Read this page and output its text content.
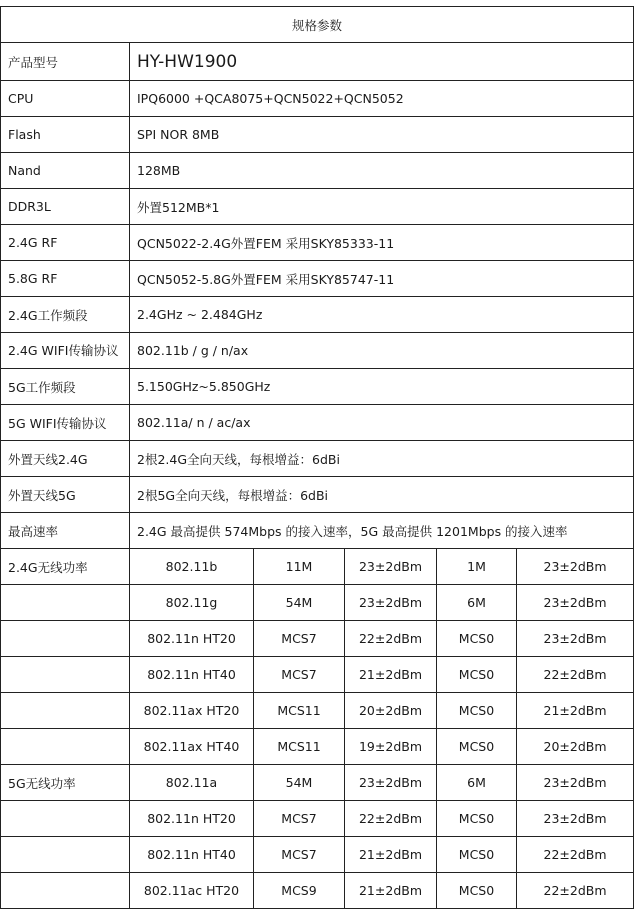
规格参数					
产品型号	HY-HW1900				
CPU	IPQ6000 +QCA8075+QCN5022+QCN5052				
Flash	SPI NOR 8MB				
Nand	128MB				
DDR3L	外置512MB*1				
2.4G RF	QCN5022-2.4G外置FEM 采用SKY85333-11				
5.8G RF	QCN5052-5.8G外置FEM 采用SKY85747-11				
2.4G工作频段	2.4GHz ~ 2.484GHz				
2.4G WIFI传输协议	802.11b / g / n/ax				
5G工作频段	5.150GHz~5.850GHz				
5G WIFI传输协议	802.11a/ n / ac/ax				
外置天线2.4G	2根2.4G全向天线，每根增益：6dBi				
外置天线5G	2根5G全向天线，每根增益：6dBi				
最高速率	2.4G 最高提供 574Mbps 的接入速率，5G 最高提供 1201Mbps 的接入速率				
2.4G无线功率	802.11b	11M	23±2dBm	1M	23±2dBm
	802.11g	54M	23±2dBm	6M	23±2dBm
	802.11n HT20	MCS7	22±2dBm	MCS0	23±2dBm
	802.11n HT40	MCS7	21±2dBm	MCS0	22±2dBm
	802.11ax HT20	MCS11	20±2dBm	MCS0	21±2dBm
	802.11ax HT40	MCS11	19±2dBm	MCS0	20±2dBm
5G无线功率	802.11a	54M	23±2dBm	6M	23±2dBm
	802.11n HT20	MCS7	22±2dBm	MCS0	23±2dBm
	802.11n HT40	MCS7	21±2dBm	MCS0	22±2dBm
	802.11ac HT20	MCS9	21±2dBm	MCS0	22±2dBm
